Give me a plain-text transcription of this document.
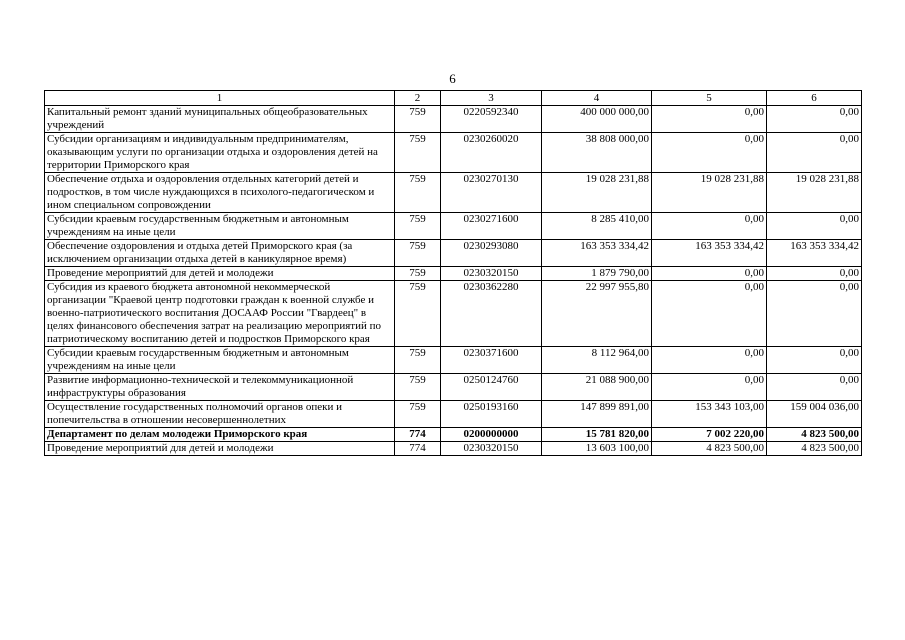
6
1	2	3	4	5	6
Капитальный ремонт зданий муниципальных общеобразовательных учреждений	759	0220592340	400 000 000,00	0,00	0,00
Субсидии организациям и индивидуальным предпринимателям, оказывающим услуги по организации отдыха и оздоровления детей на территории Приморского края	759	0230260020	38 808 000,00	0,00	0,00
Обеспечение отдыха и оздоровления отдельных категорий детей и подростков, в том числе нуждающихся в психолого-педагогическом и ином специальном сопровождении	759	0230270130	19 028 231,88	19 028 231,88	19 028 231,88
Субсидии краевым государственным бюджетным и автономным учреждениям на иные цели	759	0230271600	8 285 410,00	0,00	0,00
Обеспечение оздоровления и отдыха детей Приморского края (за исключением организации отдыха детей в каникулярное время)	759	0230293080	163 353 334,42	163 353 334,42	163 353 334,42
Проведение мероприятий для детей и молодежи	759	0230320150	1 879 790,00	0,00	0,00
Субсидия из краевого бюджета автономной некоммерческой организации "Краевой центр подготовки граждан к военной службе и военно-патриотического воспитания ДОСААФ России "Гвардеец" в целях финансового обеспечения затрат на реализацию мероприятий по патриотическому воспитанию детей и подростков Приморского края	759	0230362280	22 997 955,80	0,00	0,00
Субсидии краевым государственным бюджетным и автономным учреждениям на иные цели	759	0230371600	8 112 964,00	0,00	0,00
Развитие информационно-технической и телекоммуникационной инфраструктуры образования	759	0250124760	21 088 900,00	0,00	0,00
Осуществление государственных полномочий органов опеки и попечительства в отношении несовершеннолетних	759	0250193160	147 899 891,00	153 343 103,00	159 004 036,00
Департамент по делам молодежи Приморского края	774	0200000000	15 781 820,00	7 002 220,00	4 823 500,00
Проведение мероприятий для детей и молодежи	774	0230320150	13 603 100,00	4 823 500,00	4 823 500,00
